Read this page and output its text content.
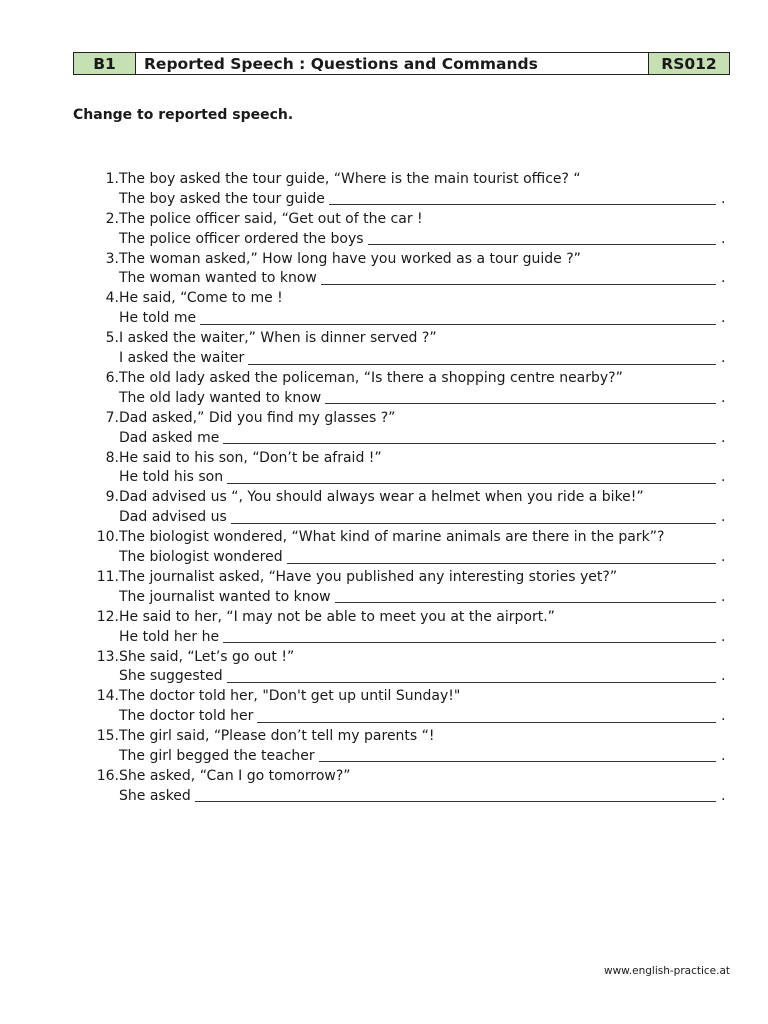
B1	Reported Speech : Questions and Commands	RS012
Change to reported speech.
1. The boy asked the tour guide, “Where is the main tourist office? “
The boy asked the tour guide	.
2. The police officer said, “Get out of the car !
The police officer ordered the boys	.
3. The woman asked,” How long have you worked as a tour guide ?”
The woman wanted to know	.
4. He said, “Come to me !
He told me	.
5. I asked the waiter,” When is dinner served ?”
I asked the waiter	.
6. The old lady asked the policeman, “Is there a shopping centre nearby?”
The old lady wanted to know	.
7. Dad asked,” Did you find my glasses ?”
Dad asked me	.
8. He said to his son, “Don’t be afraid !”
He told his son	.
9. Dad advised us “, You should always wear a helmet when you ride a bike!”
Dad advised us	.
10. The biologist wondered, “What kind of marine animals are there in the park”?
The biologist wondered	.
11. The journalist asked, “Have you published any interesting stories yet?”
The journalist wanted to know	.
12. He said to her, “I may not be able to meet you at the airport.”
He told her he	.
13. She said, “Let’s go out !”
She suggested	.
14. The doctor told her, "Don't get up until Sunday!"
The doctor told her	.
15. The girl said, “Please don’t tell my parents “!
The girl begged the teacher	.
16. She asked, “Can I go tomorrow?”
She asked	.
www.english-practice.at
